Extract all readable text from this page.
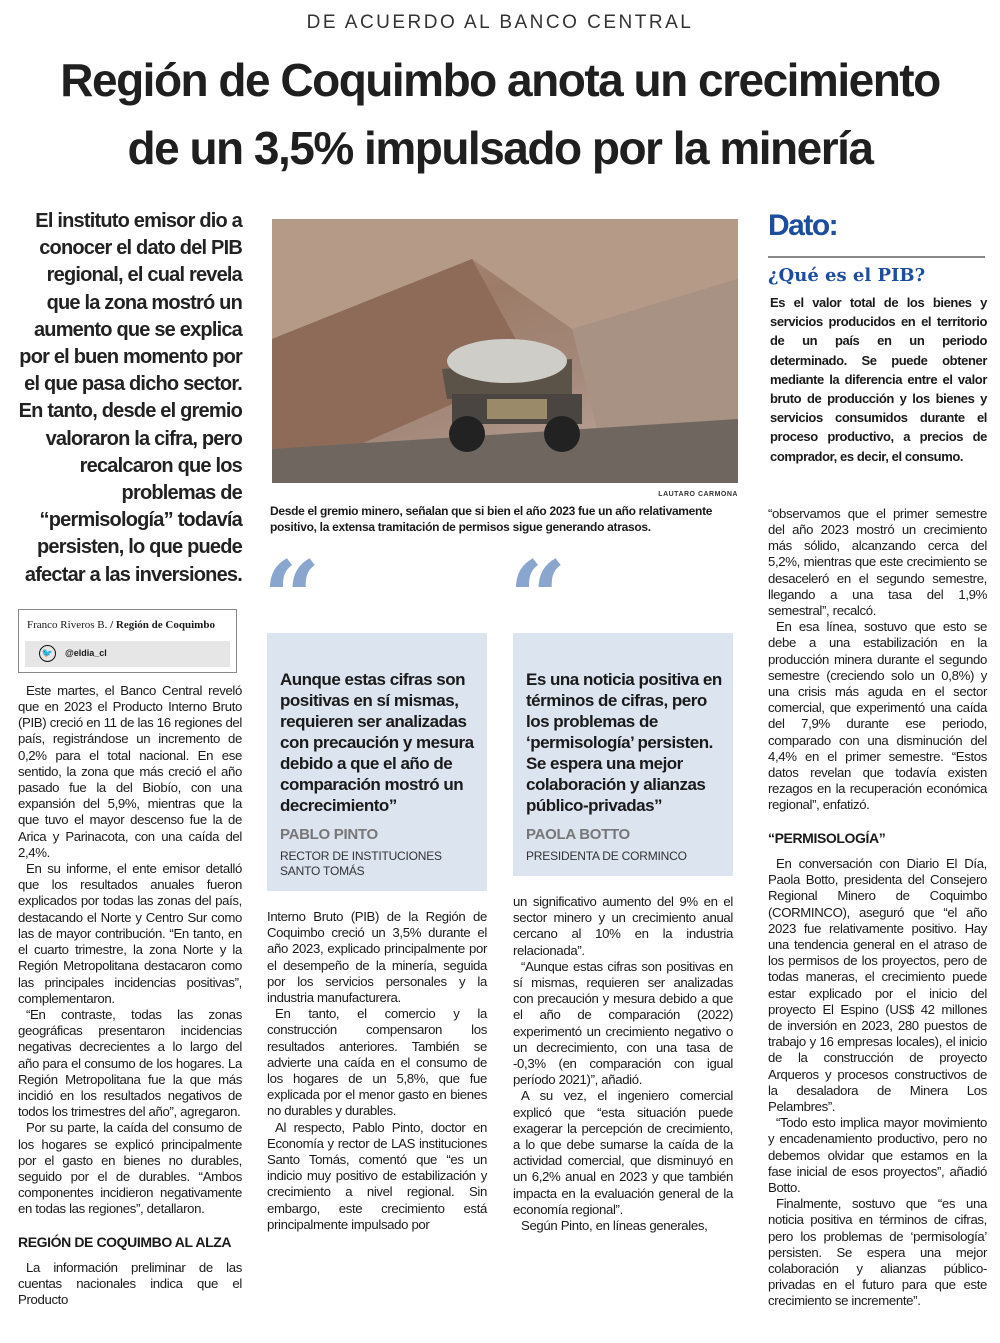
DE ACUERDO AL BANCO CENTRAL
Región de Coquimbo anota un crecimiento
de un 3,5% impulsado por la minería
LAUTARO CARMONA
Desde el gremio minero, señalan que si bien el año 2023 fue un año relativamente positivo, la extensa tramitación de permisos sigue generando atrasos.
El instituto emisor dio a conocer el dato del PIB regional, el cual revela que la zona mostró un aumento que se explica por el buen momento por el que pasa dicho sector. En tanto, desde el gremio valoraron la cifra, pero recalcaron que los problemas de “permisología” todavía persisten, lo que puede afectar a las inversiones.
Franco Riveros B. / Región de Coquimbo
🐦	@eldia_cl

Este martes, el Banco Central reveló que en 2023 el Producto Interno Bruto (PIB) creció en 11 de las 16 regiones del país, registrándose un incremento de 0,2% para el total nacional. En ese sentido, la zona que más creció el año pasado fue la del Biobío, con una expansión del 5,9%, mientras que la que tuvo el mayor descenso fue la de Arica y Parinacota, con una caída del 2,4%.

En su informe, el ente emisor detalló que los resultados anuales fueron explicados por todas las zonas del país, destacando el Norte y Centro Sur como las de mayor contribución. “En tanto, en el cuarto trimestre, la zona Norte y la Región Metropolitana destacaron como las principales incidencias positivas”, complementaron.

“En contraste, todas las zonas geográficas presentaron incidencias negativas decrecientes a lo largo del año para el consumo de los hogares. La Región Metropolitana fue la que más incidió en los resultados negativos de todos los trimestres del año”, agregaron.

Por su parte, la caída del consumo de los hogares se explicó principalmente por el gasto en bienes no durables, seguido por el de durables. “Ambos componentes incidieron negativamente en todas las regiones”, detallaron.

REGIÓN DE COQUIMBO AL ALZA

La información preliminar de las cuentas nacionales indica que el Producto

“
Aunque estas cifras son positivas en sí mismas, requieren ser analizadas con precaución y mesura debido a que el año de comparación mostró un decrecimiento”
PABLO PINTO
RECTOR DE INSTITUCIONES SANTO TOMÁS

Interno Bruto (PIB) de la Región de Coquimbo creció un 3,5% durante el año 2023, explicado principalmente por el desempeño de la minería, seguida por los servicios personales y la industria manufacturera.

En tanto, el comercio y la construcción compensaron los resultados anteriores. También se advierte una caída en el consumo de los hogares de un 5,8%, que fue explicada por el menor gasto en bienes no durables y durables.

Al respecto, Pablo Pinto, doctor en Economía y rector de LAS instituciones Santo Tomás, comentó que “es un indicio muy positivo de estabilización y crecimiento a nivel regional. Sin embargo, este crecimiento está principalmente impulsado por

“
Es una noticia positiva en términos de cifras, pero los problemas de ‘permisología’ persisten. Se espera una mejor colaboración y alianzas público-privadas”
PAOLA BOTTO
PRESIDENTA DE CORMINCO

un significativo aumento del 9% en el sector minero y un crecimiento anual cercano al 10% en la industria relacionada”.

“Aunque estas cifras son positivas en sí mismas, requieren ser analizadas con precaución y mesura debido a que el año de comparación (2022) experimentó un crecimiento negativo o un decrecimiento, con una tasa de -0,3% (en comparación con igual período 2021)”, añadió.

A su vez, el ingeniero comercial explicó que “esta situación puede exagerar la percepción de crecimiento, a lo que debe sumarse la caída de la actividad comercial, que disminuyó en un 6,2% anual en 2023 y que también impacta en la evaluación general de la economía regional”.

Según Pinto, en líneas generales,

Dato:
¿Qué es el PIB?
Es el valor total de los bienes y servicios producidos en el territorio de un país en un periodo determinado. Se puede obtener mediante la diferencia entre el valor bruto de producción y los bienes y servicios consumidos durante el proceso productivo, a precios de comprador, es decir, el consumo.

“observamos que el primer semestre del año 2023 mostró un crecimiento más sólido, alcanzando cerca del 5,2%, mientras que este crecimiento se desaceleró en el segundo semestre, llegando a una tasa del 1,9% semestral”, recalcó.

En esa línea, sostuvo que esto se debe a una estabilización en la producción minera durante el segundo semestre (creciendo solo un 0,8%) y una crisis más aguda en el sector comercial, que experimentó una caída del 7,9% durante ese periodo, comparado con una disminución del 4,4% en el primer semestre. “Estos datos revelan que todavía existen rezagos en la recuperación económica regional”, enfatizó.

“PERMISOLOGÍA”

En conversación con Diario El Día, Paola Botto, presidenta del Consejero Regional Minero de Coquimbo (CORMINCO), aseguró que “el año 2023 fue relativamente positivo. Hay una tendencia general en el atraso de los permisos de los proyectos, pero de todas maneras, el crecimiento puede estar explicado por el inicio del proyecto El Espino (US$ 42 millones de inversión en 2023, 280 puestos de trabajo y 16 empresas locales), el inicio de la construcción de proyecto Arqueros y procesos constructivos de la desaladora de Minera Los Pelambres”.

“Todo esto implica mayor movimiento y encadenamiento productivo, pero no debemos olvidar que estamos en la fase inicial de esos proyectos”, añadió Botto.

Finalmente, sostuvo que “es una noticia positiva en términos de cifras, pero los problemas de ‘permisología’ persisten. Se espera una mejor colaboración y alianzas público-privadas en el futuro para que este crecimiento se incremente”.
